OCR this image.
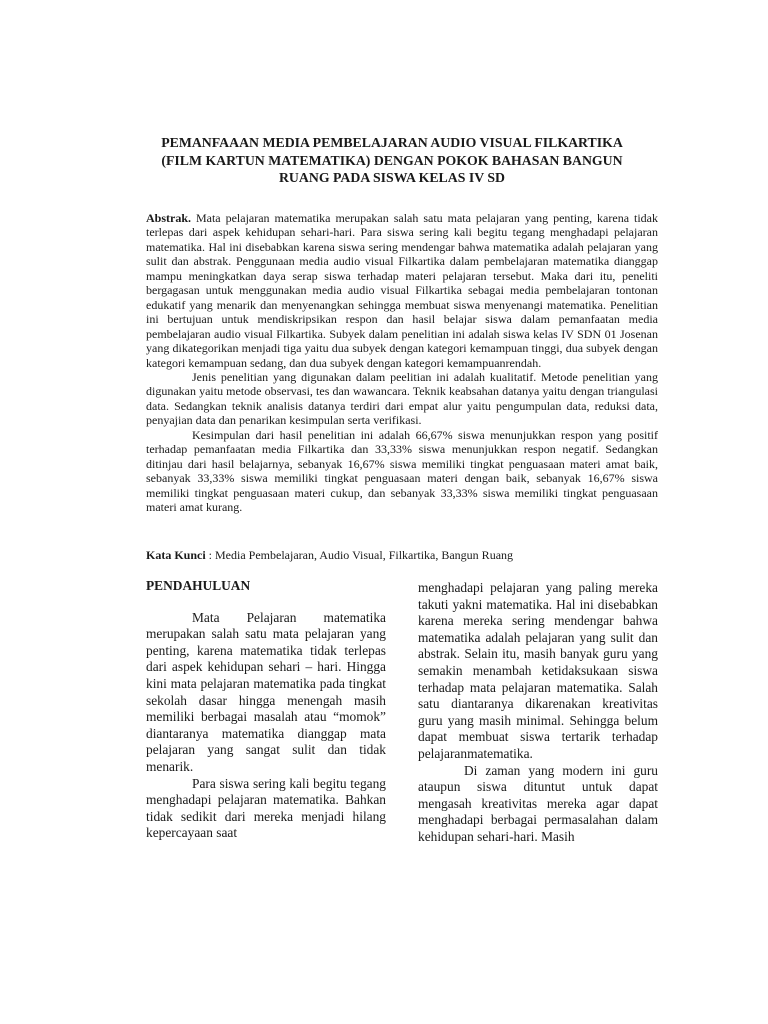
PEMANFAAAN MEDIA PEMBELAJARAN AUDIO VISUAL FILKARTIKA
(FILM KARTUN MATEMATIKA) DENGAN POKOK BAHASAN BANGUN
RUANG PADA SISWA KELAS IV SD

Abstrak. Mata pelajaran matematika merupakan salah satu mata pelajaran yang penting, karena tidak terlepas dari aspek kehidupan sehari-hari. Para siswa sering kali begitu tegang menghadapi pelajaran matematika. Hal ini disebabkan karena siswa sering mendengar bahwa matematika adalah pelajaran yang sulit dan abstrak. Penggunaan media audio visual Filkartika dalam pembelajaran matematika dianggap mampu meningkatkan daya serap siswa terhadap materi pelajaran tersebut. Maka dari itu, peneliti bergagasan untuk menggunakan media audio visual Filkartika sebagai media pembelajaran tontonan edukatif yang menarik dan menyenangkan sehingga membuat siswa menyenangi matematika. Penelitian ini bertujuan untuk mendiskripsikan respon dan hasil belajar siswa dalam pemanfaatan media pembelajaran audio visual Filkartika. Subyek dalam penelitian ini adalah siswa kelas IV SDN 01 Josenan yang dikategorikan menjadi tiga yaitu dua subyek dengan kategori kemampuan tinggi, dua subyek dengan kategori kemampuan sedang, dan dua subyek dengan kategori kemampuanrendah.

Jenis penelitian yang digunakan dalam peelitian ini adalah kualitatif. Metode penelitian yang digunakan yaitu metode observasi, tes dan wawancara. Teknik keabsahan datanya yaitu dengan triangulasi data. Sedangkan teknik analisis datanya terdiri dari empat alur yaitu pengumpulan data, reduksi data, penyajian data dan penarikan kesimpulan serta verifikasi.

Kesimpulan dari hasil penelitian ini adalah 66,67% siswa menunjukkan respon yang positif terhadap pemanfaatan media Filkartika dan 33,33% siswa menunjukkan respon negatif. Sedangkan ditinjau dari hasil belajarnya, sebanyak 16,67% siswa memiliki tingkat penguasaan materi amat baik, sebanyak 33,33% siswa memiliki tingkat penguasaan materi dengan baik, sebanyak 16,67% siswa memiliki tingkat penguasaan materi cukup, dan sebanyak 33,33% siswa memiliki tingkat penguasaan materi amat kurang.

Kata Kunci : Media Pembelajaran, Audio Visual, Filkartika, Bangun Ruang

PENDAHULUAN

Mata Pelajaran matematika merupakan salah satu mata pelajaran yang penting, karena matematika tidak terlepas dari aspek kehidupan sehari – hari. Hingga kini mata pelajaran matematika pada tingkat sekolah dasar hingga menengah masih memiliki berbagai masalah atau “momok” diantaranya matematika dianggap mata pelajaran yang sangat sulit dan tidak menarik.

Para siswa sering kali begitu tegang menghadapi pelajaran matematika. Bahkan tidak sedikit dari mereka menjadi hilang kepercayaan saat

menghadapi pelajaran yang paling mereka takuti yakni matematika. Hal ini disebabkan karena mereka sering mendengar bahwa matematika adalah pelajaran yang sulit dan abstrak. Selain itu, masih banyak guru yang semakin menambah ketidaksukaan siswa terhadap mata pelajaran matematika. Salah satu diantaranya dikarenakan kreativitas guru yang masih minimal. Sehingga belum dapat membuat siswa tertarik terhadap pelajaranmatematika.

Di zaman yang modern ini guru ataupun siswa dituntut untuk dapat mengasah kreativitas mereka agar dapat menghadapi berbagai permasalahan dalam kehidupan sehari-hari. Masih
